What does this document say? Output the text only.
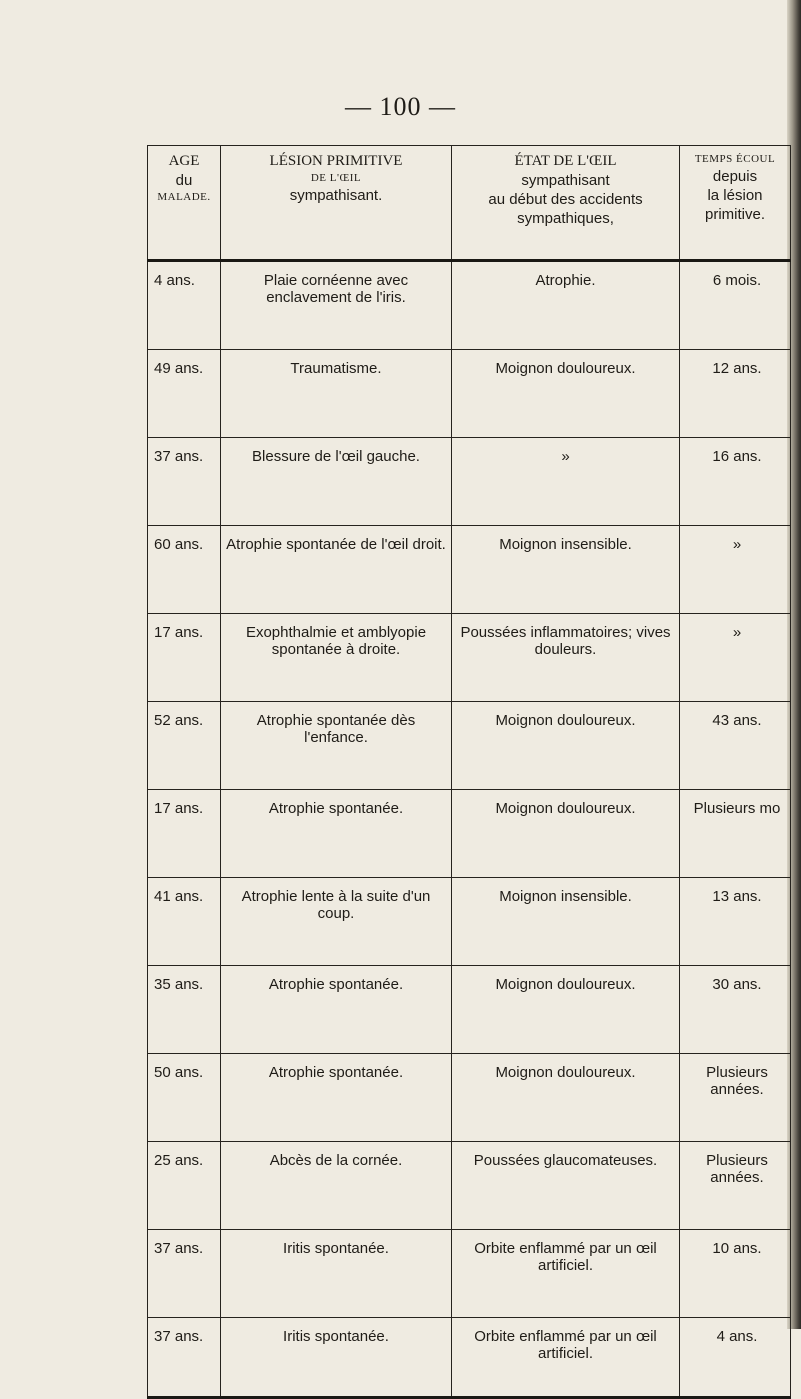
— 100 —
AGE
du
MALADE.	LÉSION PRIMITIVE
DE L'ŒIL
sympathisant.	ÉTAT DE L'ŒIL
sympathisant
au début des accidents
sympathiques,	TEMPS ÉCOUL
depuis
la lésion
primitive.

4 ans.	Plaie cornéenne avec enclavement de l'iris.	Atrophie.	6 mois.
49 ans.	Traumatisme.	Moignon douloureux.	12 ans.
37 ans.	Blessure de l'œil gauche.	»	16 ans.
60 ans.	Atrophie spontanée de l'œil droit.	Moignon insensible.	»
17 ans.	Exophthalmie et amblyopie spontanée à droite.	Poussées inflammatoires; vives douleurs.	»
52 ans.	Atrophie spontanée dès l'enfance.	Moignon douloureux.	43 ans.
17 ans.	Atrophie spontanée.	Moignon douloureux.	Plusieurs mo
41 ans.	Atrophie lente à la suite d'un coup.	Moignon insensible.	13 ans.
35 ans.	Atrophie spontanée.	Moignon douloureux.	30 ans.
50 ans.	Atrophie spontanée.	Moignon douloureux.	Plusieurs années.
25 ans.	Abcès de la cornée.	Poussées glaucomateuses.	Plusieurs années.
37 ans.	Iritis spontanée.	Orbite enflammé par un œil artificiel.	10 ans.
37 ans.	Iritis spontanée.	Orbite enflammé par un œil artificiel.	4 ans.
